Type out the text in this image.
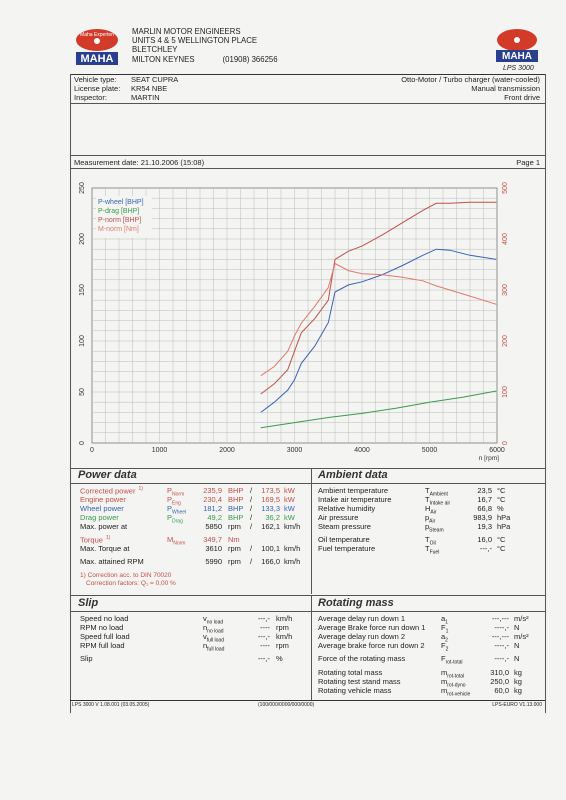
Maha Experten
MAHA
MARLIN MOTOR ENGINEERS
UNITS 4 & 5 WELLINGTON PLACE
BLETCHLEY
MILTON KEYNES	(01908) 366256	MAHA
LPS 3000
Vehicle type: SEAT CUPRA
License plate: KR54 NBE
Inspector:	MARTIN
Otto-Motor / Turbo charger (water-cooled)
Manual transmission
Front drive
Measurement date: 21.10.2006 (15:08)	Page 1
0	1000	2000	3000	4000	5000	6000
n [rpm]
0
50
100
150
200
250
0
100
200
300
400
500
P-wheel [BHP]
P-drag [BHP]
P-norm [BHP]
M-norm [Nm]
Power data
Corrected power $^{1)}$	$P_{Norm}$	235,9 BHP / 173,5 kW
Engine power	$P_{Eng}$	230,4 BHP / 169,5 kW
Wheel power	$P_{Wheel}$	181,2 BHP / 133,3 kW
Drag power	$P_{Drag}$	49,2 BHP /	36,2 kW
Max. power at	5850 rpm / 162,1 km/h
Torque $^{1)}$	$M_{Norm}$	349,7 Nm
Max. Torque at	3610 rpm / 100,1 km/h
Max. attained RPM	5990 rpm / 166,0 km/h
1) Correction acc. to DIN 70020
Correction factors: Q₁ = 0,00 %
Ambient data
Ambient temperature	$T_{Ambient}$	23,5 °C
Intake air temperature	$T_{Intake air}$	16,7 °C
Relative humidity	$H_{Air}$	66,8 %
Air pressure	$p_{Air}$	983,9 hPa
Steam pressure	$p_{Steam}$	19,3 hPa
Oil temperature	$T_{Oil}$	16,0 °C
Fuel temperature	$T_{Fuel}$	---,- °C
Slip
Speed no load	$v_{no load}$	---,- km/h
RPM no load	$n_{no load}$	---- rpm
Speed full load	$v_{full load}$	---,- km/h
RPM full load	$n_{full load}$	---- rpm
Slip	---,- %
Rotating mass
Average delay run down 1	$a_1$	---,--- m/s²
Average Brake force run down 1 $F_1$	----,- N
Average delay run down 2	$a_2$	---,--- m/s²
Average brake force run down 2 $F_2$	----,- N
Force of the rotating mass	$F_{rot-total}$	----,- N
Rotating total mass	$m_{rot-total}$	310,0 kg
Rotating test stand mass	$m_{rot-dyno}$	250,0 kg
Rotating vehicle mass	$m_{rot-vehicle}$	60,0 kg
LPS 3000 V 1.08.001 (03.05.2005)	(100/000/0000/000/0000)	LPS-EURO V1.13.000
